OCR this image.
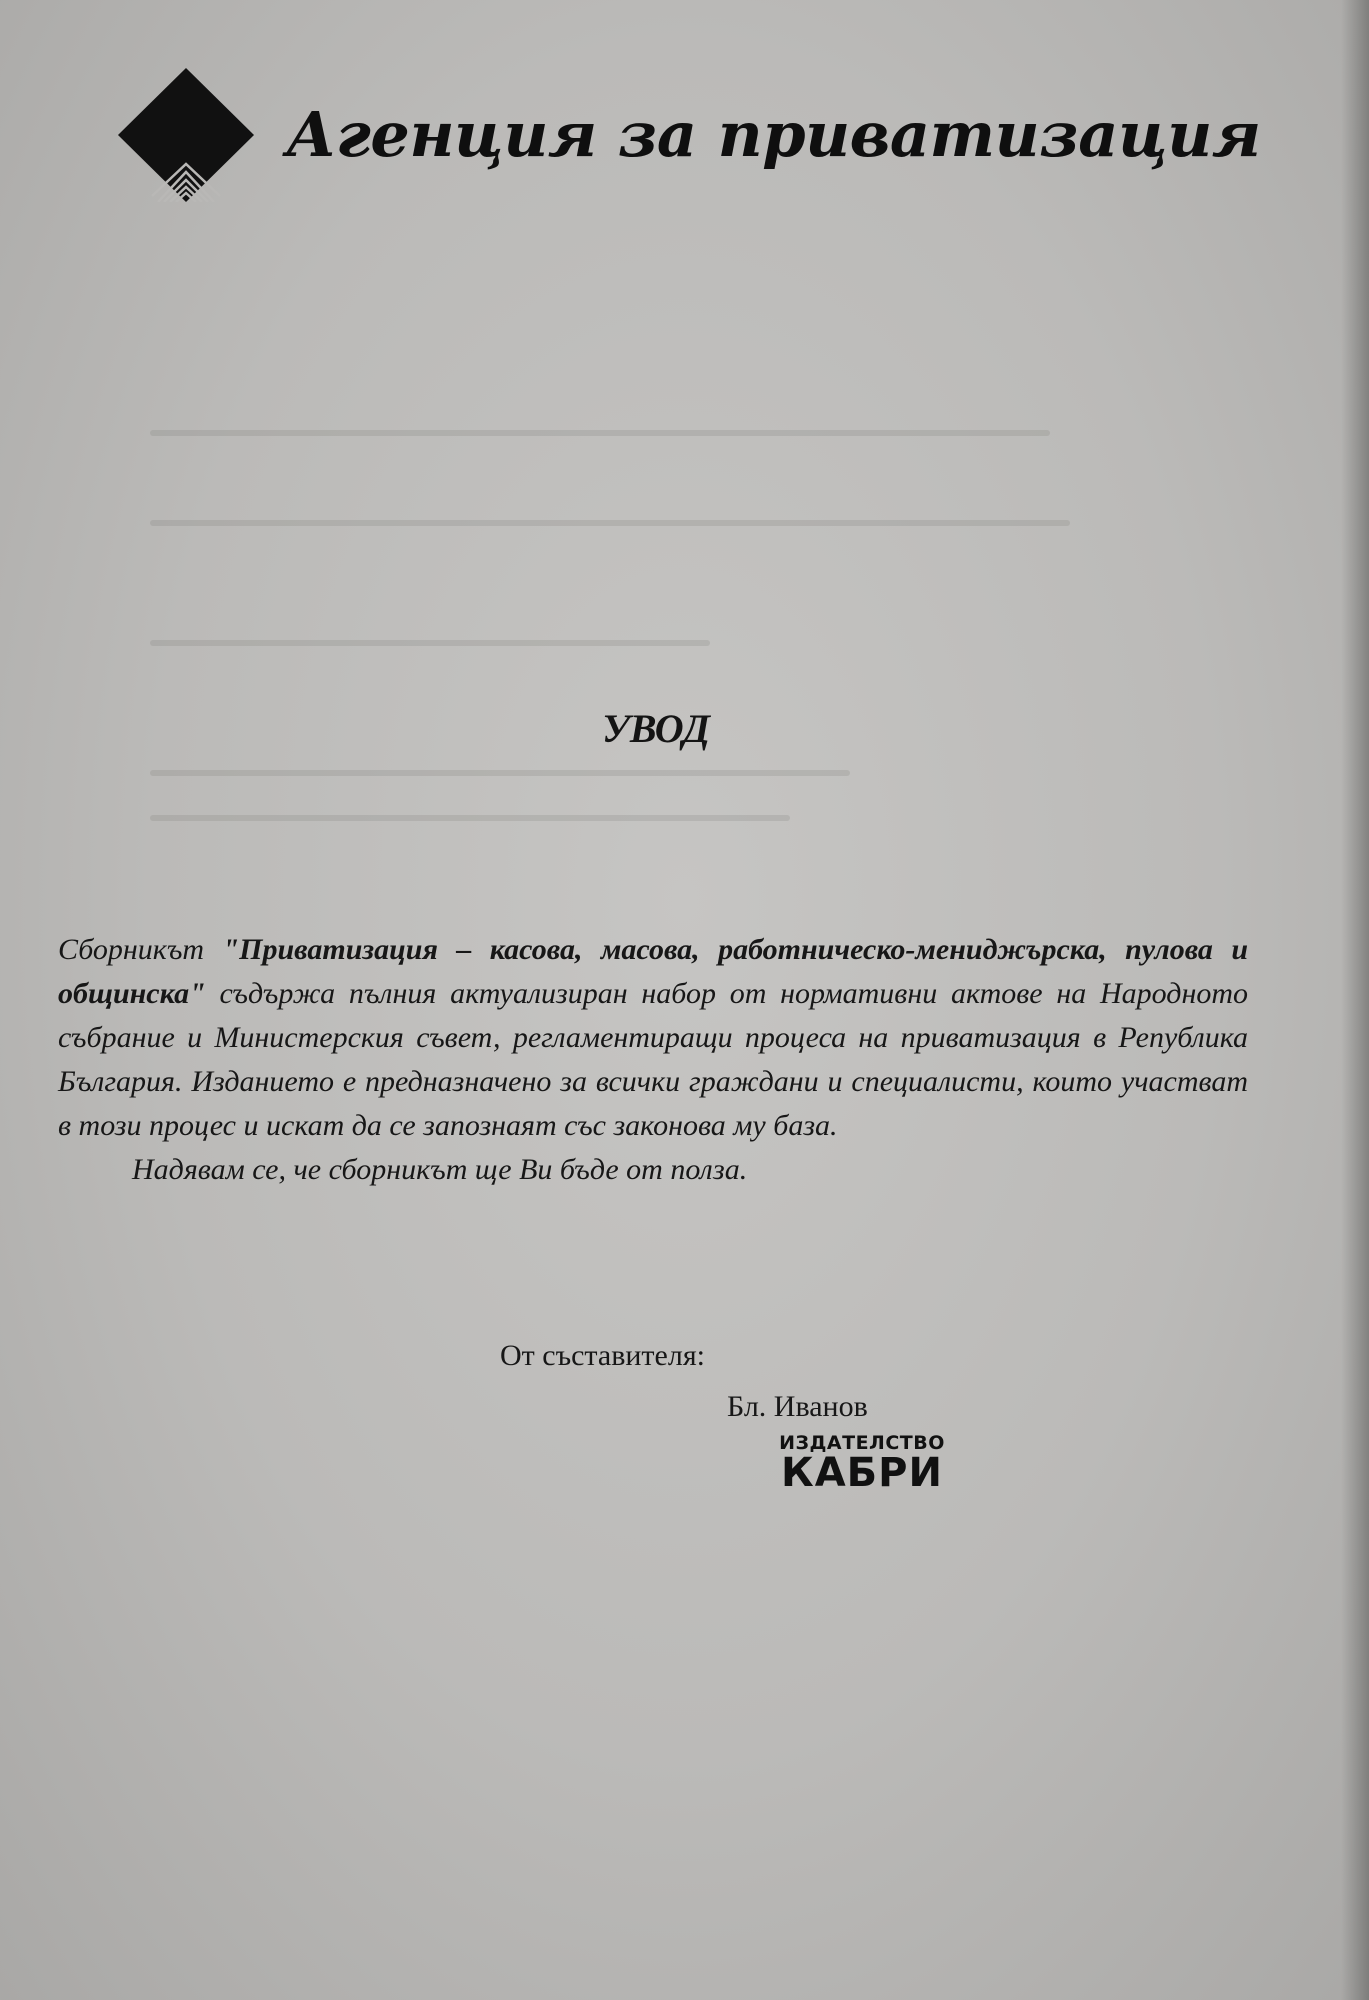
Агенция за приватизация
УВОД

Сборникът "Приватизация – касова, масова, работническо-мениджърска, пулова и общинска" съдържа пълния актуализиран набор от нормативни актове на Народното събрание и Министерския съвет, регламентиращи процеса на приватизация в Република България. Изданието е предназначено за всички граждани и специалисти, които участват в този процес и искат да се запознаят със законова му база.

Надявам се, че сборникът ще Ви бъде от полза.

От съставителя:
Бл. Иванов
ИЗДАТЕЛСТВО
КАБРИ
